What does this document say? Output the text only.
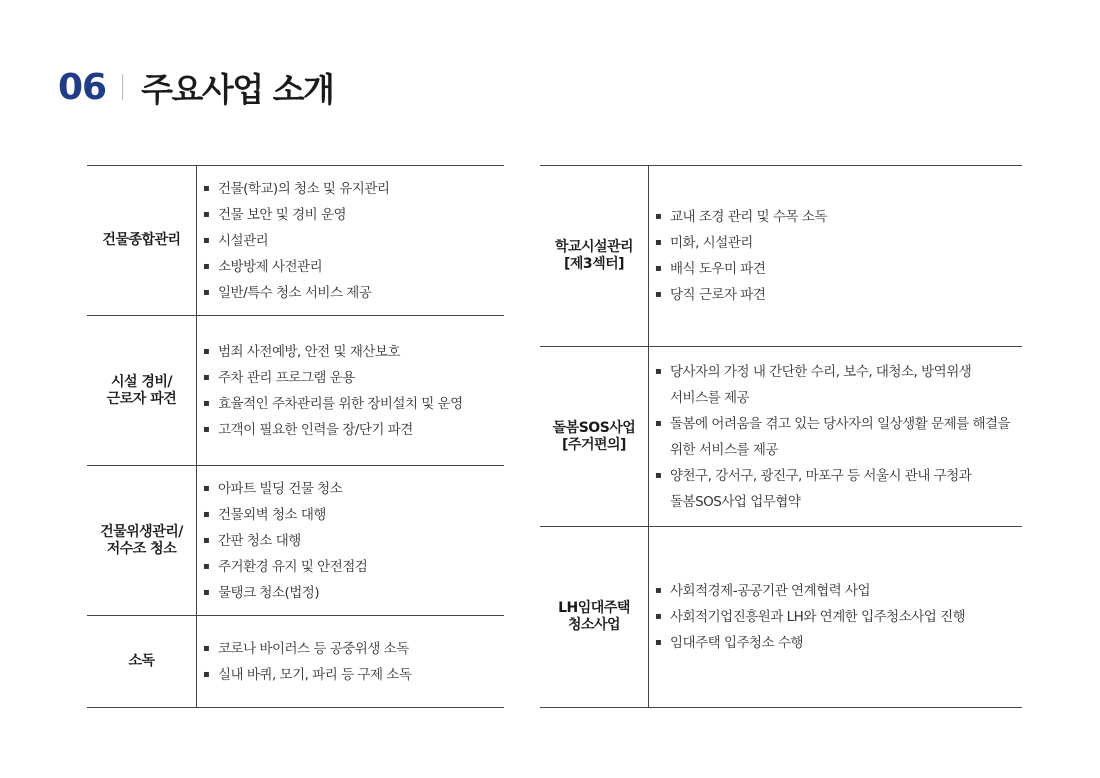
06 주요사업 소개
건물종합관리
▪ 건물(학교)의 청소 및 유지관리
▪ 건물 보안 및 경비 운영
▪ 시설관리
▪ 소방방제 사전관리
▪ 일반/특수 청소 서비스 제공
시설 경비/
근로자 파견
▪ 범죄 사전예방, 안전 및 재산보호
▪ 주차 관리 프로그램 운용
▪ 효율적인 주차관리를 위한 장비설치 및 운영
▪ 고객이 필요한 인력을 장/단기 파견
건물위생관리/
저수조 청소
▪ 아파트 빌딩 건물 청소
▪ 건물외벽 청소 대행
▪ 간판 청소 대행
▪ 주거환경 유지 및 안전점검
▪ 물탱크 청소(법정)
소독
▪ 코로나 바이러스 등 공중위생 소독
▪ 실내 바퀴, 모기, 파리 등 구제 소독
학교시설관리
[제3섹터]
▪ 교내 조경 관리 및 수목 소독
▪ 미화, 시설관리
▪ 배식 도우미 파견
▪ 당직 근로자 파견
돌봄SOS사업
[주거편의]
▪ 당사자의 가정 내 간단한 수리, 보수, 대청소, 방역위생 서비스를 제공
▪ 돌봄에 어려움을 겪고 있는 당사자의 일상생활 문제를 해결을 위한 서비스를 제공
▪ 양천구, 강서구, 광진구, 마포구 등 서울시 관내 구청과 돌봄SOS사업 업무협약
LH임대주택
청소사업
▪ 사회적경제-공공기관 연계협력 사업
▪ 사회적기업진흥원과 LH와 연계한 입주청소사업 진행
▪ 임대주택 입주청소 수행
